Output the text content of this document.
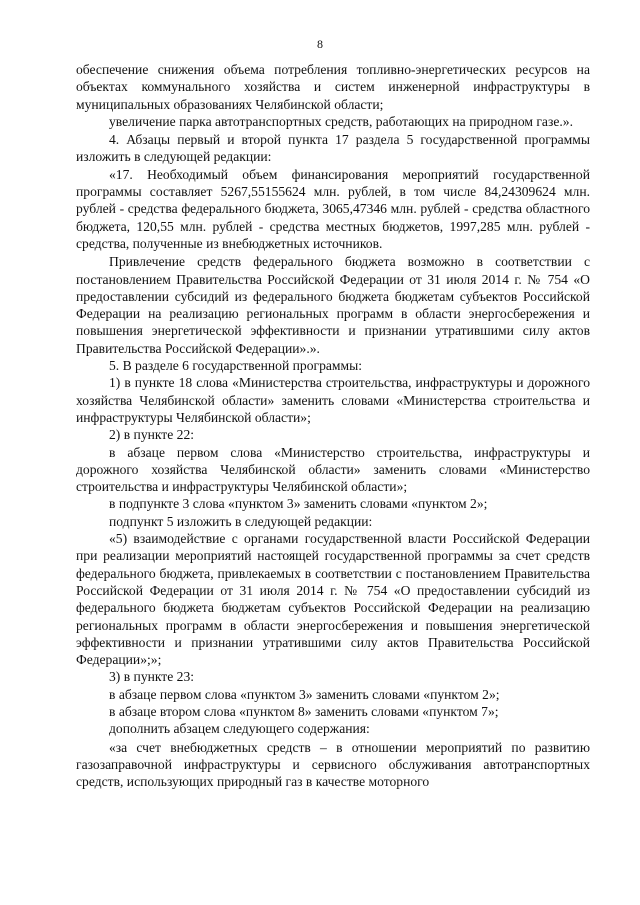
8

обеспечение снижения объема потребления топливно-энергетических ресурсов на объектах коммунального хозяйства и систем инженерной инфраструктуры в муниципальных образованиях Челябинской области;

увеличение парка автотранспортных средств, работающих на природном газе.».

4. Абзацы первый и второй пункта 17 раздела 5 государственной программы изложить в следующей редакции:

«17. Необходимый объем финансирования мероприятий государственной программы составляет 5267,55155624 млн. рублей, в том числе 84,24309624 млн. рублей - средства федерального бюджета, 3065,47346 млн. рублей - средства областного бюджета, 120,55 млн. рублей - средства местных бюджетов, 1997,285 млн. рублей - средства, полученные из внебюджетных источников.

Привлечение средств федерального бюджета возможно в соответствии с постановлением Правительства Российской Федерации от 31 июля 2014 г. № 754 «О предоставлении субсидий из федерального бюджета бюджетам субъектов Российской Федерации на реализацию региональных программ в области энергосбережения и повышения энергетической эффективности и признании утратившими силу актов Правительства Российской Федерации».».

5. В разделе 6 государственной программы:

1) в пункте 18 слова «Министерства строительства, инфраструктуры и дорожного хозяйства Челябинской области» заменить словами «Министерства строительства и инфраструктуры Челябинской области»;

2) в пункте 22:

в абзаце первом слова «Министерство строительства, инфраструктуры и дорожного хозяйства Челябинской области» заменить словами «Министерство строительства и инфраструктуры Челябинской области»;

в подпункте 3 слова «пунктом 3» заменить словами «пунктом 2»;

подпункт 5 изложить в следующей редакции:

«5) взаимодействие с органами государственной власти Российской Федерации при реализации мероприятий настоящей государственной программы за счет средств федерального бюджета, привлекаемых в соответствии с постановлением Правительства Российской Федерации от 31 июля 2014 г. № 754 «О предоставлении субсидий из федерального бюджета бюджетам субъектов Российской Федерации на реализацию региональных программ в области энергосбережения и повышения энергетической эффективности и признании утратившими силу актов Правительства Российской Федерации»;»;

3) в пункте 23:

в абзаце первом слова «пунктом 3» заменить словами «пунктом 2»;

в абзаце втором слова «пунктом 8» заменить словами «пунктом 7»;

дополнить абзацем следующего содержания:

«за счет внебюджетных средств – в отношении мероприятий по развитию газозаправочной инфраструктуры и сервисного обслуживания автотранспортных средств, использующих природный газ в качестве моторного
